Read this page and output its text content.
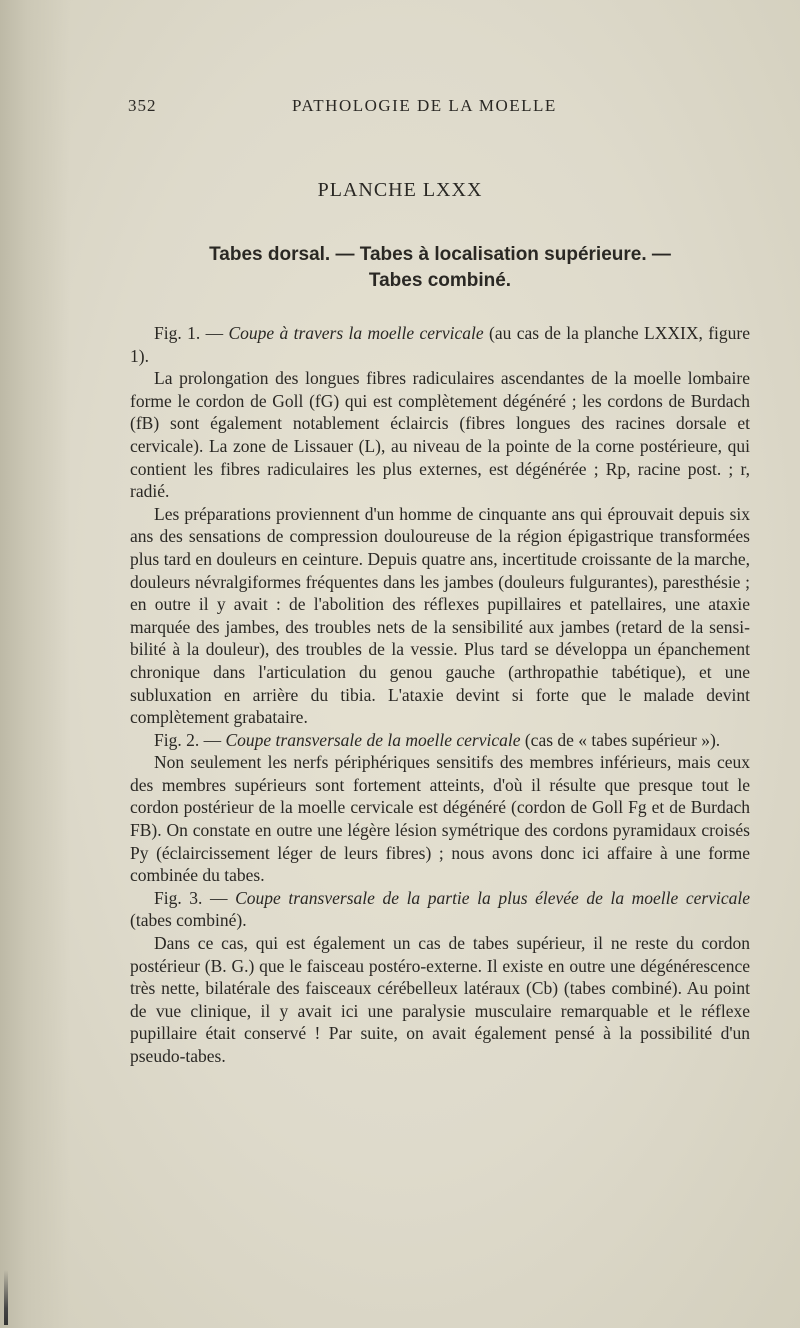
352	PATHOLOGIE DE LA MOELLE
PLANCHE LXXX
Tabes dorsal. — Tabes à localisation supérieure. —
Tabes combiné.

Fig. 1. — Coupe à travers la moelle cervicale (au cas de la planche LXXIX, figure 1).

La prolongation des longues fibres radiculaires ascendantes de la moelle lombaire forme le cordon de Goll (fG) qui est complètement dégénéré ; les cordons de Burdach (fB) sont également notablement éclaircis (fibres longues des racines dorsale et cervicale). La zone de Lissauer (L), au niveau de la pointe de la corne postérieure, qui contient les fibres radiculaires les plus externes, est dégénérée ; Rp, racine post. ; r, radié.

Les préparations proviennent d'un homme de cinquante ans qui éprouvait depuis six ans des sensations de compression douloureuse de la région épigastrique transformées plus tard en douleurs en ceinture. Depuis quatre ans, incertitude croissante de la marche, douleurs névralgiformes fréquentes dans les jambes (douleurs fulgurantes), paresthésie ; en outre il y avait : de l'abolition des réflexes pupillaires et patellaires, une ataxie marquée des jambes, des troubles nets de la sensibilité aux jambes (retard de la sensibilité à la douleur), des troubles de la vessie. Plus tard se développa un épanchement chronique dans l'articulation du genou gauche (arthropathie tabétique), et une subluxation en arrière du tibia. L'ataxie devint si forte que le malade devint complètement grabataire.

Fig. 2. — Coupe transversale de la moelle cervicale (cas de « tabes supérieur »).

Non seulement les nerfs périphériques sensitifs des membres inférieurs, mais ceux des membres supérieurs sont fortement atteints, d'où il résulte que presque tout le cordon postérieur de la moelle cervicale est dégénéré (cordon de Goll Fg et de Burdach FB). On constate en outre une légère lésion symétrique des cordons pyramidaux croisés Py (éclaircissement léger de leurs fibres) ; nous avons donc ici affaire à une forme combinée du tabes.

Fig. 3. — Coupe transversale de la partie la plus élevée de la moelle cervicale (tabes combiné).

Dans ce cas, qui est également un cas de tabes supérieur, il ne reste du cordon postérieur (B. G.) que le faisceau postéro-externe. Il existe en outre une dégénérescence très nette, bilatérale des faisceaux cérébelleux latéraux (Cb) (tabes combiné). Au point de vue clinique, il y avait ici une paralysie musculaire remarquable et le réflexe pupillaire était conservé ! Par suite, on avait également pensé à la possibilité d'un pseudo-tabes.
